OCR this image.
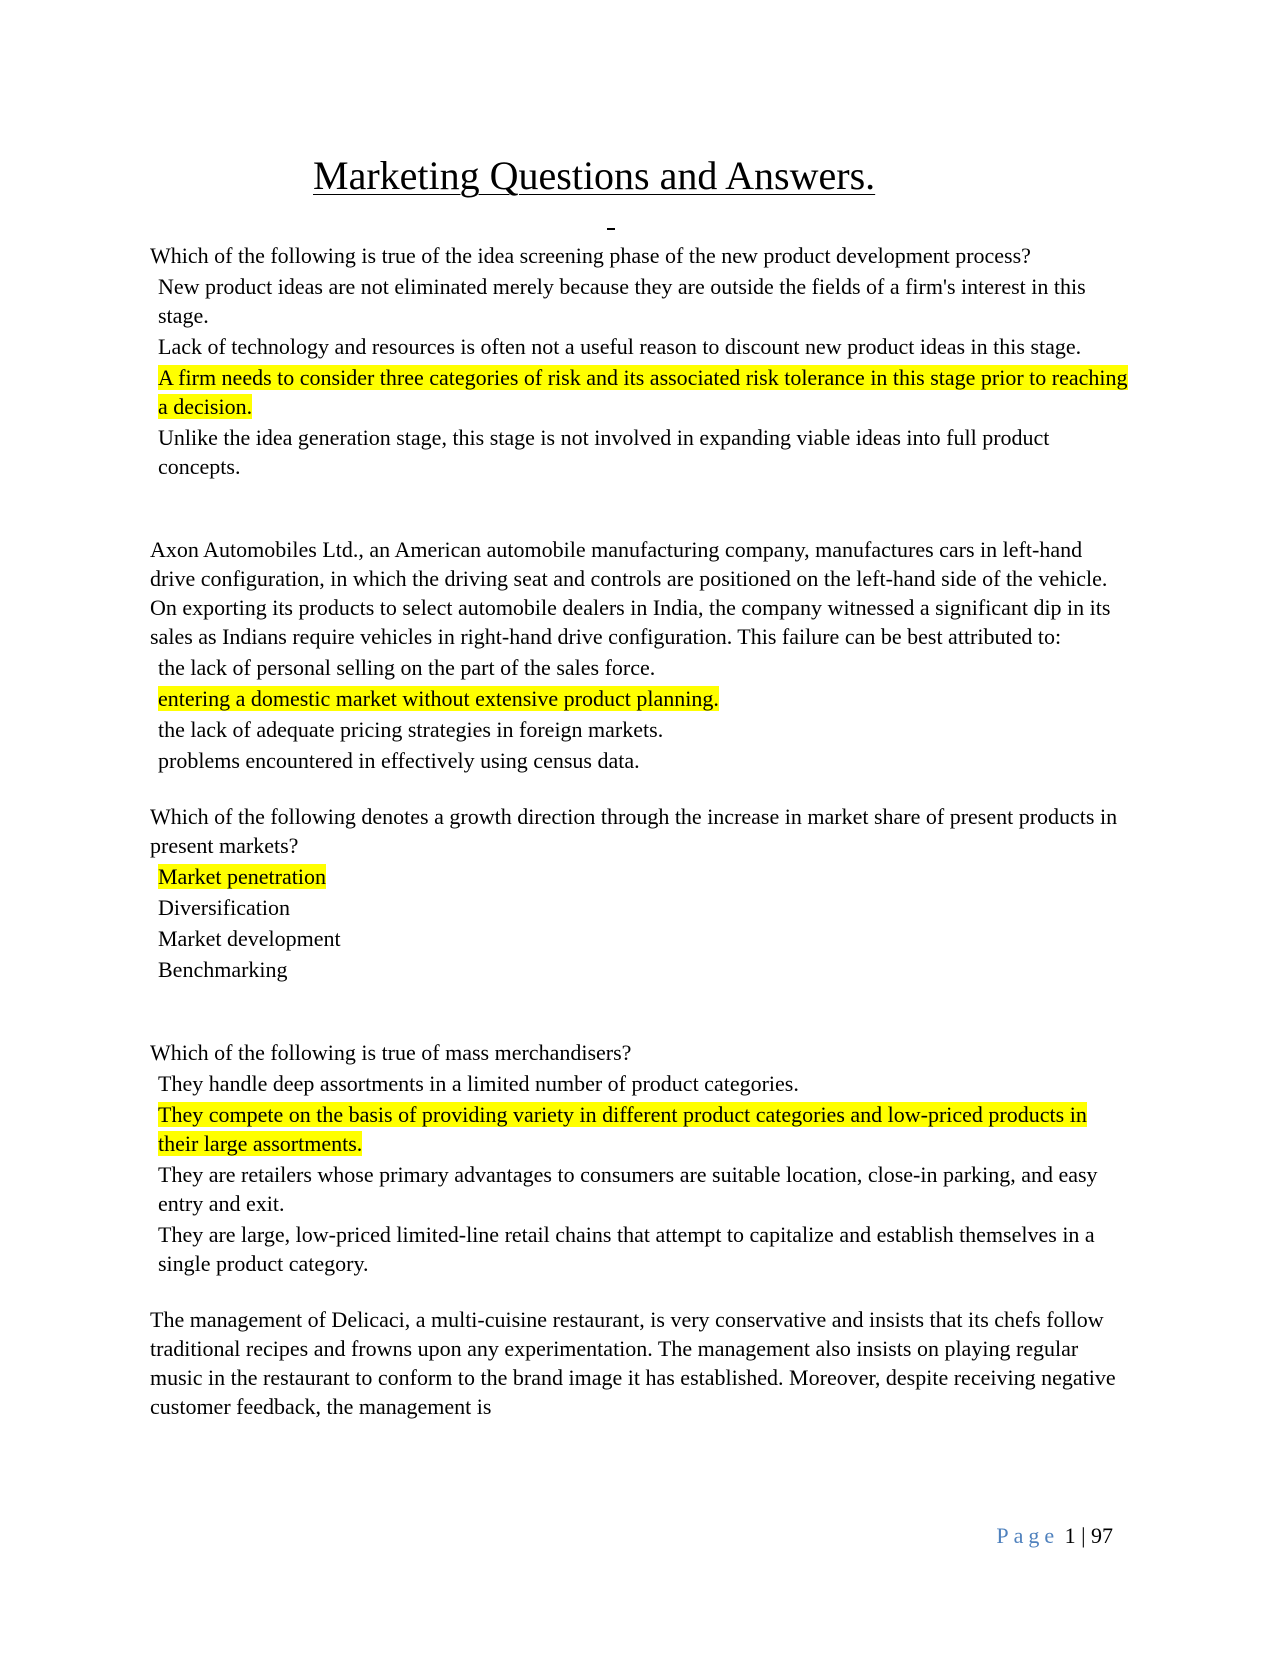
Marketing Questions and Answers.

Which of the following is true of the idea screening phase of the new product development process?

New product ideas are not eliminated merely because they are outside the fields of a firm's interest in this stage.

Lack of technology and resources is often not a useful reason to discount new product ideas in this stage.

A firm needs to consider three categories of risk and its associated risk tolerance in this stage prior to reaching a decision.

Unlike the idea generation stage, this stage is not involved in expanding viable ideas into full product concepts.

Axon Automobiles Ltd., an American automobile manufacturing company, manufactures cars in left-hand drive configuration, in which the driving seat and controls are positioned on the left-hand side of the vehicle. On exporting its products to select automobile dealers in India, the company witnessed a significant dip in its sales as Indians require vehicles in right-hand drive configuration. This failure can be best attributed to:

the lack of personal selling on the part of the sales force.

entering a domestic market without extensive product planning.

the lack of adequate pricing strategies in foreign markets.

problems encountered in effectively using census data.

Which of the following denotes a growth direction through the increase in market share of present products in present markets?

Market penetration

Diversification

Market development

Benchmarking

Which of the following is true of mass merchandisers?

They handle deep assortments in a limited number of product categories.

They compete on the basis of providing variety in different product categories and low-priced products in their large assortments.

They are retailers whose primary advantages to consumers are suitable location, close-in parking, and easy entry and exit.

They are large, low-priced limited-line retail chains that attempt to capitalize and establish themselves in a single product category.

The management of Delicaci, a multi-cuisine restaurant, is very conservative and insists that its chefs follow traditional recipes and frowns upon any experimentation. The management also insists on playing regular music in the restaurant to conform to the brand image it has established. Moreover, despite receiving negative customer feedback, the management is

Page 1 | 97
